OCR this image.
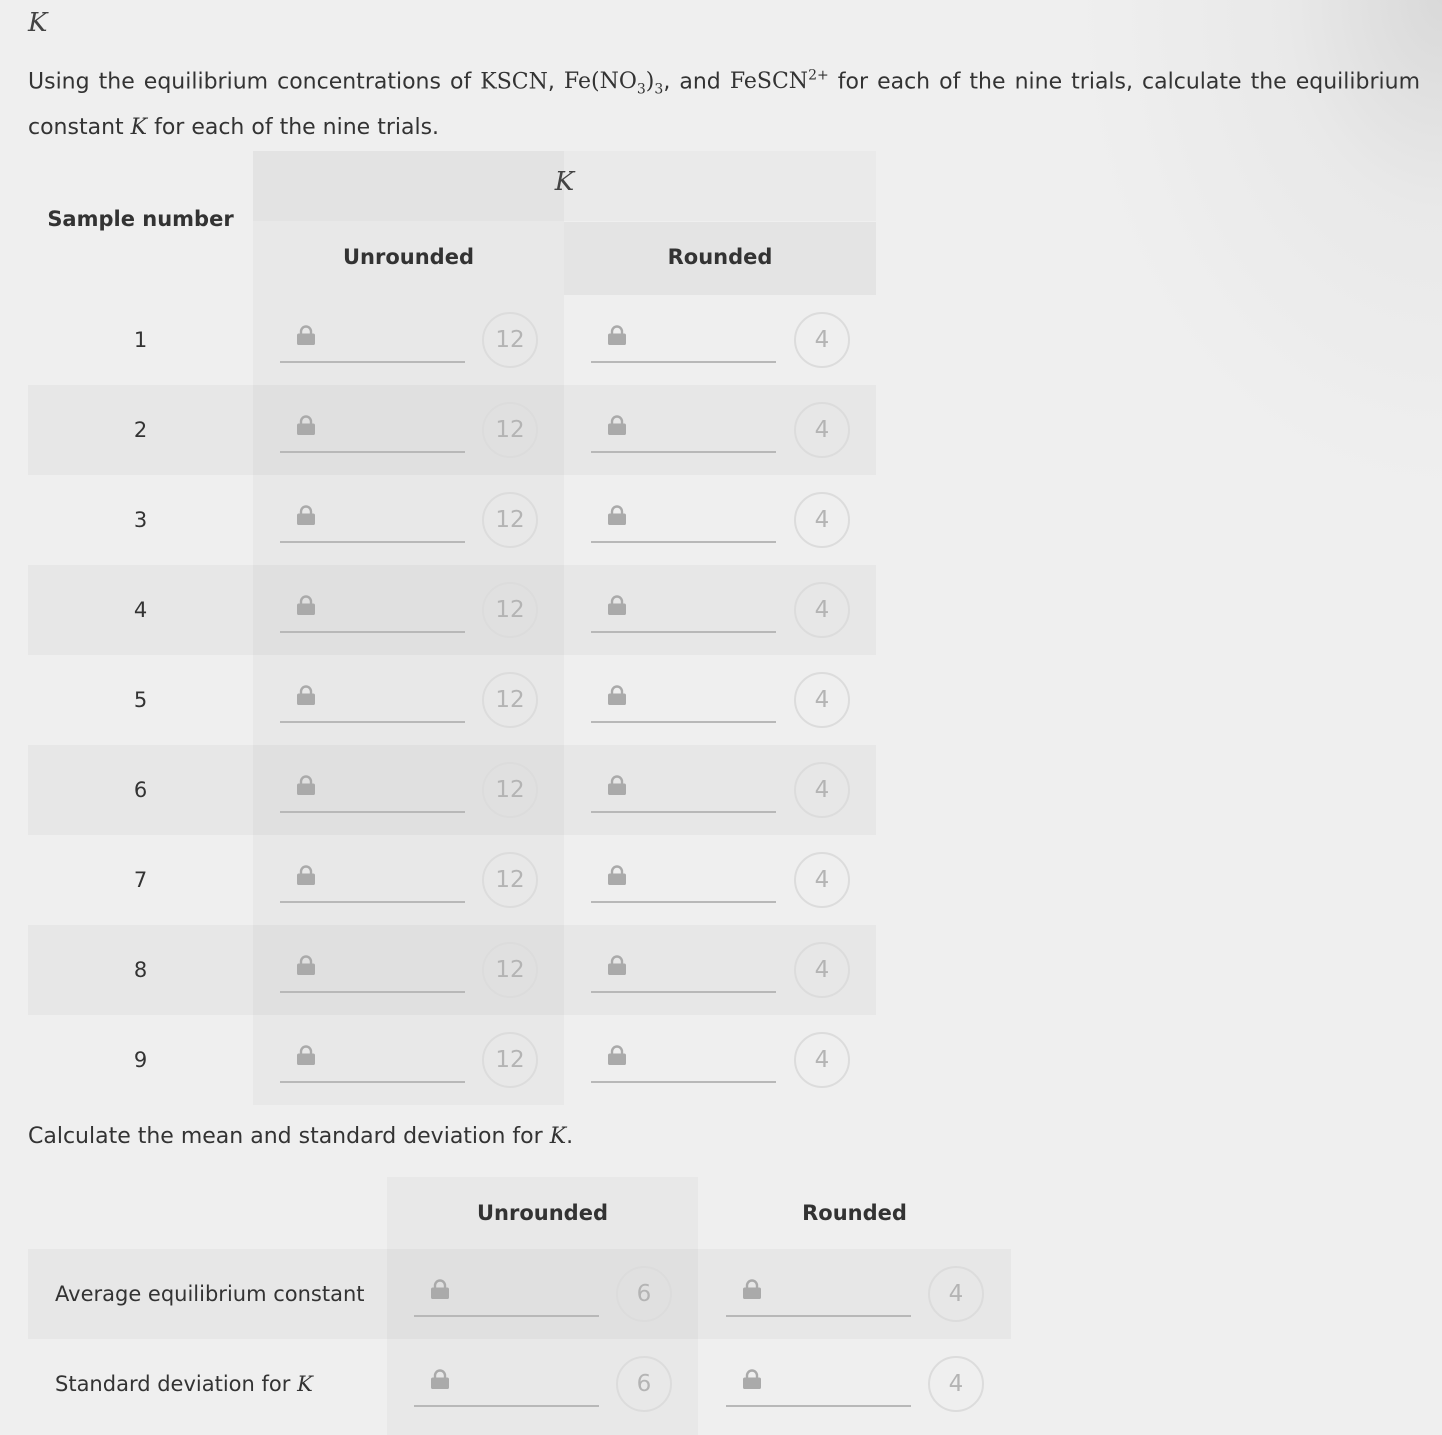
K
Using the equilibrium concentrations of KSCN, $Fe(NO_3)_3$, and FeSCN$^{2+}$ for each of the nine trials, calculate the equilibrium constant K for each of the nine trials.
K
Sample number
Unrounded	Rounded
1	12	4
2	12	4
3	12	4
4	12	4
5	12	4
6	12	4
7	12	4
8	12	4
9	12	4
Calculate the mean and standard deviation for K.
Unrounded	Rounded
Average equilibrium constant	6	4
Standard deviation for K	6	4
